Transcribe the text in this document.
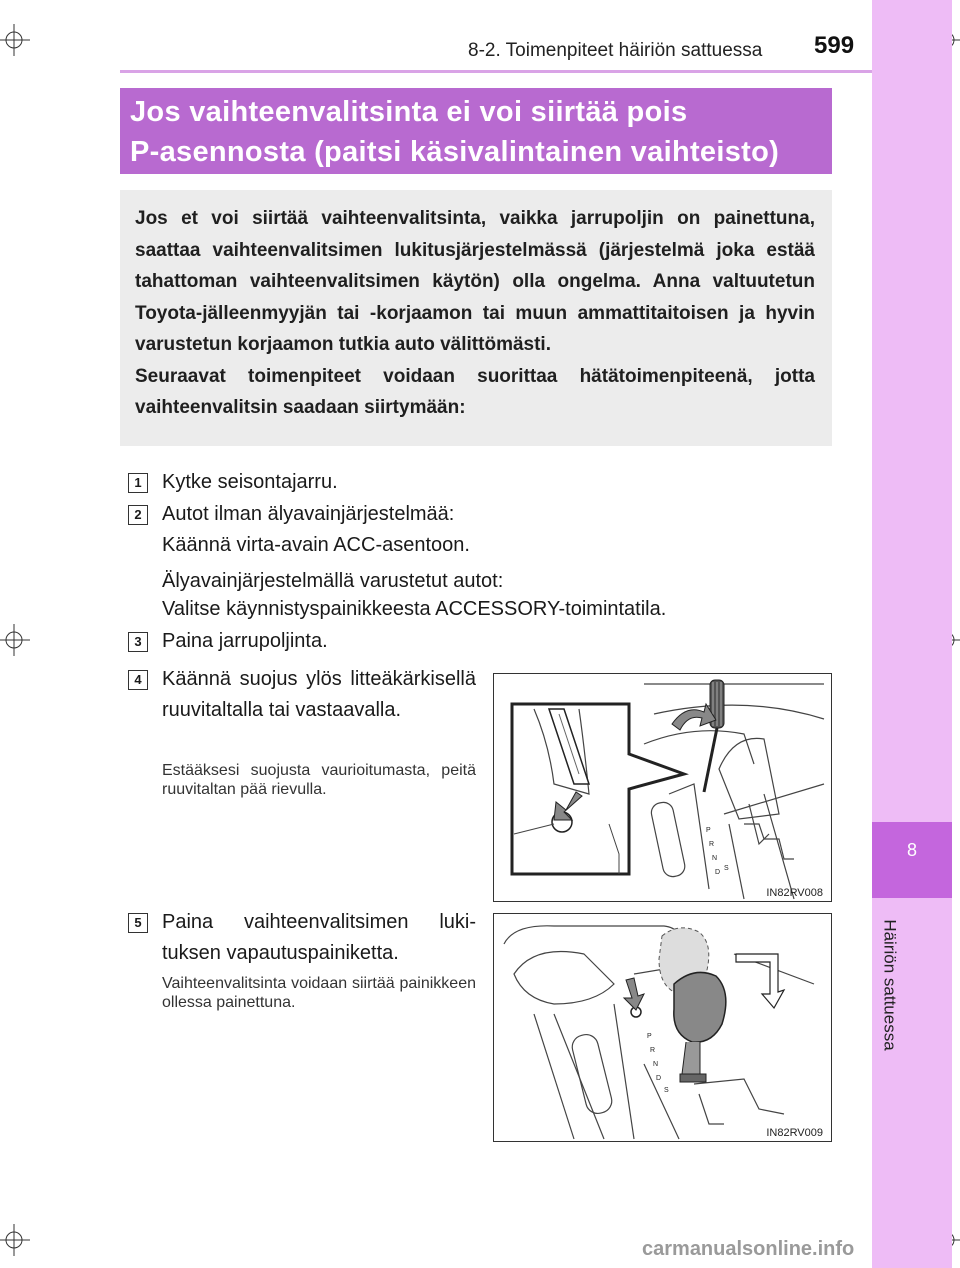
8-2. Toimenpiteet häiriön sattuessa 599
8
Häiriön sattuessa
Jos vaihteenvalitsinta ei voi siirtää pois
P-asennosta (paitsi käsivalintainen vaihteisto)

Jos et voi siirtää vaihteenvalitsinta, vaikka jarrupoljin on painettuna, saattaa vaihteenvalitsimen lukitusjärjestelmässä (järjestelmä joka estää tahattoman vaihteenvalitsimen käytön) olla ongelma. Anna valtuutetun Toyota-jälleenmyyjän tai -korjaamon tai muun ammattitaitoisen ja hyvin varustetun korjaamon tutkia auto välittömästi.

Seuraavat toimenpiteet voidaan suorittaa hätätoimenpiteenä, jotta vaihteenvalitsin saadaan siirtymään:

1	Kytke seisontajarru.
2	Autot ilman älyavainjärjestelmää:
Käännä virta-avain ACC-asentoon.
Älyavainjärjestelmällä varustetut autot:
Valitse käynnistyspainikkeesta ACCESSORY-toimintatila.
3	Paina jarrupoljinta.
4	Käännä suojus ylös litteäkärkisellä ruuvitaltalla tai vastaavalla.
Estääksesi suojusta vaurioitumasta, peitä ruuvitaltan pää rievulla.
P
R
N
D
S
IN82RV008
5	Paina vaihteenvalitsimen lukituksen vapautuspainiketta.
Vaihteenvalitsinta voidaan siirtää painikkeen ollessa painettuna.
P
R
N
D
S
IN82RV009
carmanualsonline.info
